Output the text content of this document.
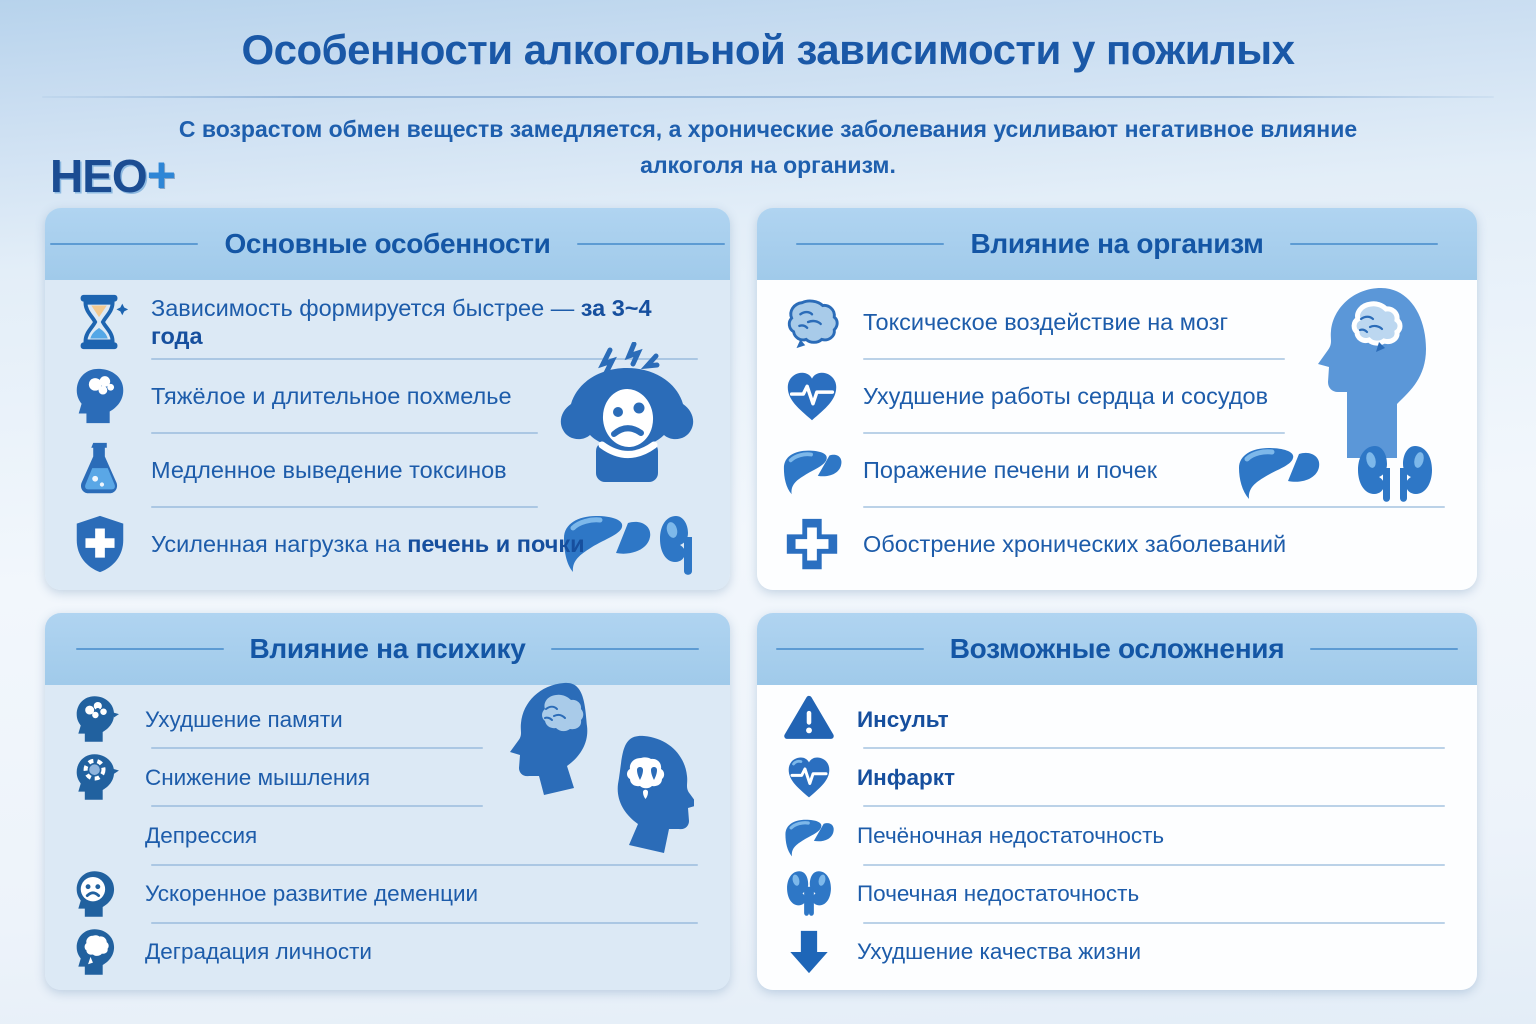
Особенности алкогольной зависимости у пожилых

С возрастом обмен веществ замедляется, а хронические заболевания усиливают негативное влияние алкоголя на организм.

НЕО+
Основные особенности

Зависимость формируется быстрее — за 3~4 года

Тяжёлое и длительное похмелье

Медленное выведение токсинов

Усиленная нагрузка на печень и почки

Влияние на организм

Токсическое воздействие на мозг

Ухудшение работы сердца и сосудов

Поражение печени и почек

Обострение хронических заболеваний

Влияние на психику

Ухудшение памяти

Снижение мышления

Депрессия

Ускоренное развитие деменции

Деградация личности

Возможные осложнения

Инсульт

Инфаркт

Печёночная недостаточность

Почечная недостаточность

Ухудшение качества жизни
